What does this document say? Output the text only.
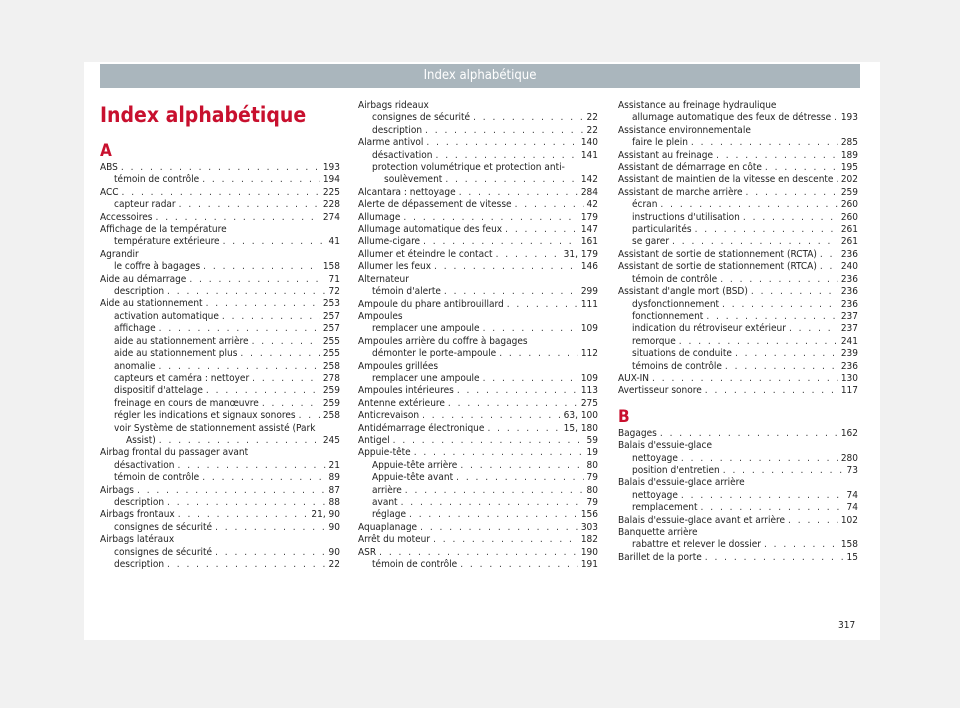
Index alphabétique
Index alphabétique
A
ABS . . .	193
témoin de contrôle . . .	194
ACC . . .	225
capteur radar . . .	228
Accessoires . . .	274
Affichage de la température
température extérieure . . .	41
Agrandir
le coffre à bagages . . .	158
Aide au démarrage . . .	71
description . . .	72
Aide au stationnement . . .	253
activation automatique . . .	257
affichage . . .	257
aide au stationnement arrière . . .	255
aide au stationnement plus . . .	255
anomalie . . .	258
capteurs et caméra : nettoyer . . .	278
dispositif d'attelage . . .	259
freinage en cours de manœuvre . . .	259
régler les indications et signaux sonores . . .	258
voir Système de stationnement assisté (Park
Assist) . . .	245
Airbag frontal du passager avant
désactivation . . .	21
témoin de contrôle . . .	89
Airbags . . .	87
description . . .	88
Airbags frontaux . . .	21, 90
consignes de sécurité . . .	90
Airbags latéraux
consignes de sécurité . . .	90
description . . .	22
Airbags rideaux
consignes de sécurité . . .	22
description . . .	22
Alarme antivol . . .	140
désactivation . . .	141
protection volumétrique et protection anti-
soulèvement . . .	142
Alcantara : nettoyage . . .	284
Alerte de dépassement de vitesse . . .	42
Allumage . . .	179
Allumage automatique des feux . . .	147
Allume-cigare . . .	161
Allumer et éteindre le contact . . .	31, 179
Allumer les feux . . .	146
Alternateur
témoin d'alerte . . .	299
Ampoule du phare antibrouillard . . .	111
Ampoules
remplacer une ampoule . . .	109
Ampoules arrière du coffre à bagages
démonter le porte-ampoule . . .	112
Ampoules grillées
remplacer une ampoule . . .	109
Ampoules intérieures . . .	113
Antenne extérieure . . .	275
Anticrevaison . . .	63, 100
Antidémarrage électronique . . .	15, 180
Antigel . . .	59
Appuie-tête . . .	19
Appuie-tête arrière . . .	80
Appuie-tête avant . . .	79
arrière . . .	80
avant . . .	79
réglage . . .	156
Aquaplanage . . .	303
Arrêt du moteur . . .	182
ASR . . .	190
témoin de contrôle . . .	191
Assistance au freinage hydraulique
allumage automatique des feux de détresse . . . 193
Assistance environnementale
faire le plein . . .	285
Assistant au freinage . . .	189
Assistant de démarrage en côte . . .	195
Assistant de maintien de la vitesse en descente . . . 202
Assistant de marche arrière . . .	259
écran . . .	260
instructions d'utilisation . . .	260
particularités . . .	261
se garer . . .	261
Assistant de sortie de stationnement (RCTA) . . . 236
Assistant de sortie de stationnement (RTCA) . . . 240
témoin de contrôle . . .	236
Assistant d'angle mort (BSD) . . .	236
dysfonctionnement . . .	236
fonctionnement . . .	237
indication du rétroviseur extérieur . . .	237
remorque . . .	241
situations de conduite . . .	239
témoins de contrôle . . .	236
AUX-IN . . .	130
Avertisseur sonore . . .	117
B
Bagages . . .	162
Balais d'essuie-glace
nettoyage . . .	280
position d'entretien . . .	73
Balais d'essuie-glace arrière
nettoyage . . .	74
remplacement . . .	74
Balais d'essuie-glace avant et arrière . . .	102
Banquette arrière
rabattre et relever le dossier . . .	158
Barillet de la porte . . .	15
317
